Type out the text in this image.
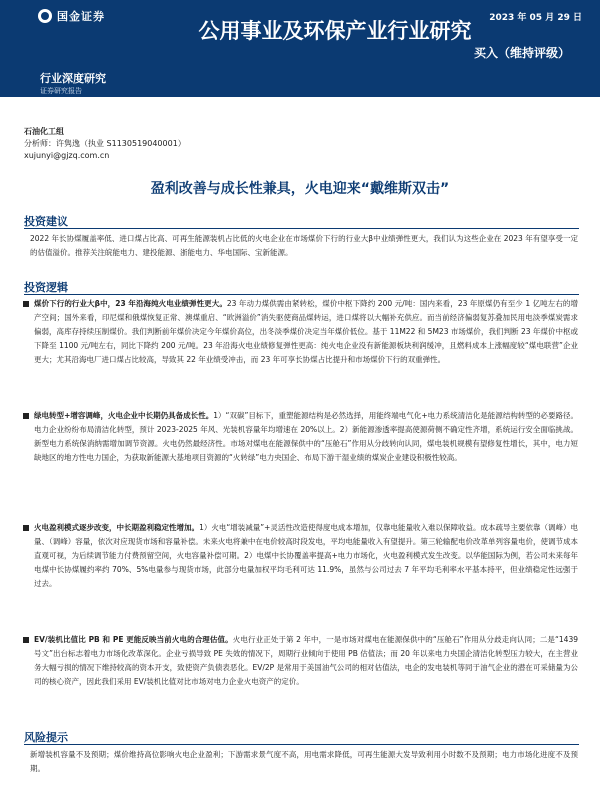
国金证券
公用事业及环保产业行业研究
2023 年 05 月 29 日
买入（维持评级）
行业深度研究
证券研究报告
石油化工组
分析师：许隽逸（执业 S1130519040001）
xujunyi@gjzq.com.cn
盈利改善与成长性兼具，火电迎来“戴维斯双击”
投资建议
2022 年长协煤履盖率低、进口煤占比高、可再生能源装机占比低的火电企业在市场煤价下行的行业大β中业绩弹性更大，我们认为这些企业在 2023 年有望享受一定的估值溢价。推荐关注皖能电力、建投能源、浙能电力、华电国际、宝新能源。
投资逻辑
煤价下行的行业大β中，23 年沿海纯火电业绩弹性更大。23 年动力煤供需由紧转松，煤价中枢下降约 200 元/吨：国内来看，23 年原煤仍有至少 1 亿吨左右的增产空间；国外来看，印尼煤和俄煤恢复正常、澳煤重启、“欧洲溢价”消失驱使商品煤转运，进口煤将以大幅补充供应。而当前经济偏弱复苏叠加民用电淡季煤炭需求偏弱，高库存持续压制煤价。我们判断前年煤价决定今年煤价高位，出冬淡季煤价决定当年煤价低位。基于 11M22 和 5M23 市场煤价，我们判断 23 年煤价中枢或下降至 1100 元/吨左右，同比下降约 200 元/吨。23 年沿海火电业绩修复弹性更高：纯火电企业没有新能源板块利润缓冲，且燃料成本上涨幅度较“煤电联营”企业更大；尤其沿海电厂进口煤占比较高，导致其 22 年业绩受冲击，而 23 年可享长协煤占比提升和市场煤价下行的双重弹性。
绿电转型+增容调峰，火电企业中长期仍具备成长性。1）“双碳”目标下，重塑能源结构是必然选择，用能终端电气化+电力系统清洁化是能源结构转型的必要路径。电力企业纷纷布局清洁化转型，预计 2023-2025 年风、光装机容量年均增速在 20%以上。2）新能源渗透率提高使源荷侧不确定性齐增，系统运行安全面临挑战。新型电力系统保消纳需增加调节资源。火电仍然最经济性。市场对煤电在能源保供中的“压舱石”作用从分歧转向认同，煤电装机规模有望修复性增长，其中，电力短缺地区的地方性电力国企，为获取新能源大基地项目资源的“火转绿”电力央国企、布局下游干湿业绩的煤炭企业建设积极性较高。
火电盈利模式逐步改变，中长期盈利稳定性增加。1）火电“增装减量”+灵活性改造使得度电成本增加，仅靠电能量收入难以保障收益。成本疏导主要依靠（调峰）电量、（调峰）容量，依次对应现货市场和容量补偿。未来火电将兼中在电价较高时段发电，平均电能量收入有望提升。第三轮输配电价改革单列容量电价，使调节成本直观可视，为后续调节能力付费预留空间，火电容量补偿可期。2）电煤中长协覆盖率提高+电力市场化，火电盈利模式发生改变。以华能国际为例，若公司未来每年电煤中长协煤履约率约 70%、5%电量参与现货市场，此部分电量加权平均毛利可达 11.9%，虽然与公司过去 7 年平均毛利率水平基本持平，但业绩稳定性远强于过去。
EV/装机比值比 PB 和 PE 更能反映当前火电的合理估值。火电行业正处于第 2 年中，一是市场对煤电在能源保供中的“压舱石”作用从分歧走向认同；二是“1439 号文”出台标志着电力市场化改革深化。企业亏损导致 PE 失效的情况下，周期行业倾向于使用 PB 估值法；而 20 年以来电力央国企清洁化转型压力较大，在主营业务大幅亏损的情况下维持较高的资本开支，致使资产负债表恶化。EV/2P 是常用于美国油气公司的相对估值法，电企的发电装机等同于油气企业的潜在可采储量为公司的核心资产，因此我们采用 EV/装机比值对比市场对电力企业火电资产的定价。
风险提示
新增装机容量不及预期；煤价维持高位影响火电企业盈利；下游需求景气度不高，用电需求降低，可再生能源大发导致利用小时数不及预期；电力市场化进度不及预期。
